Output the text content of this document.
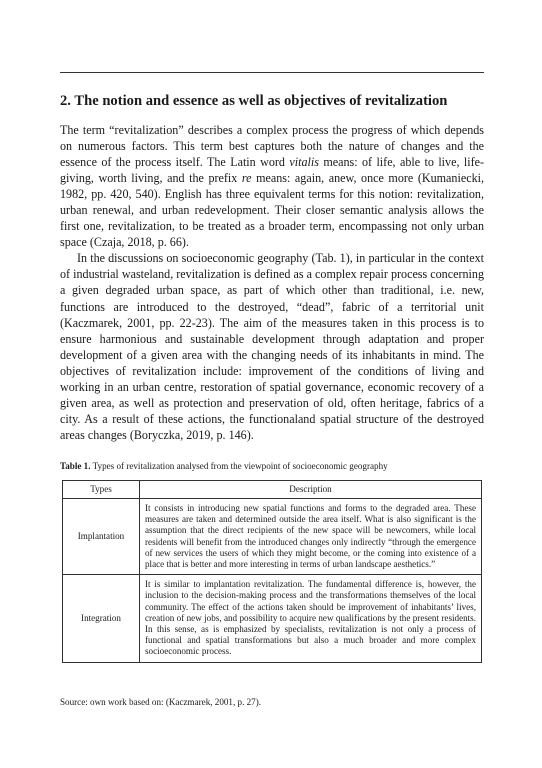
2. The notion and essence as well as objectives of revitalization

The term “revitalization” describes a complex process the progress of which depends on numerous factors. This term best captures both the nature of changes and the essence of the process itself. The Latin word vitalis means: of life, able to live, life-giving, worth living, and the prefix re means: again, anew, once more (Kumaniecki, 1982, pp. 420, 540). English has three equivalent terms for this notion: revitalization, urban renewal, and urban redevelopment. Their closer semantic analysis allows the first one, revitalization, to be treated as a broader term, encompassing not only urban space (Czaja, 2018, p. 66).

In the discussions on socioeconomic geography (Tab. 1), in particular in the context of industrial wasteland, revitalization is defined as a complex repair process concerning a given degraded urban space, as part of which other than traditional, i.e. new, functions are introduced to the destroyed, “dead”, fabric of a territorial unit (Kaczmarek, 2001, pp. 22-23). The aim of the measures taken in this process is to ensure harmonious and sustainable development through adaptation and proper development of a given area with the changing needs of its inhabitants in mind. The objectives of revitalization include: improvement of the conditions of living and working in an urban centre, restoration of spatial governance, economic recovery of a given area, as well as protection and preservation of old, often heritage, fabrics of a city. As a result of these actions, the functionaland spatial structure of the destroyed areas changes (Boryczka, 2019, p. 146).

Table 1. Types of revitalization analysed from the viewpoint of socioeconomic geography
Types	Description
Implantation	It consists in introducing new spatial functions and forms to the degraded area. These measures are taken and determined outside the area itself. What is also significant is the assumption that the direct recipients of the new space will be newcomers, while local residents will benefit from the introduced changes only indirectly “through the emergence of new services the users of which they might become, or the coming into existence of a place that is better and more interesting in terms of urban landscape aesthetics.”
Integration	It is similar to implantation revitalization. The fundamental difference is, however, the inclusion to the decision-making process and the transformations themselves of the local community. The effect of the actions taken should be improvement of inhabitants’ lives, creation of new jobs, and possibility to acquire new qualifications by the present residents. In this sense, as is emphasized by specialists, revitalization is not only a process of functional and spatial transformations but also a much broader and more complex socioeconomic process.
Source: own work based on: (Kaczmarek, 2001, p. 27).
